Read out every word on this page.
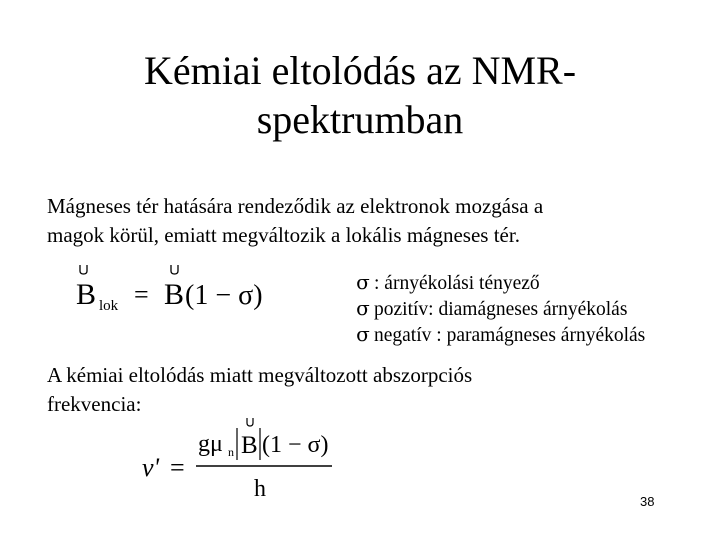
Kémiai eltolódás az NMR-
spektrumban
Mágneses tér hatására rendeződik az elektronok mozgása a
magok körül, emiatt megváltozik a lokális mágneses tér.
B lok = B (1 − σ)	σ : árnyékolási tényező
σ pozitív: diamágneses árnyékolás
σ negatív : paramágneses árnyékolás
A kémiai eltolódás miatt megváltozott abszorpciós
frekvencia:
ν' =
gμ n B (1 − σ)
h	38
